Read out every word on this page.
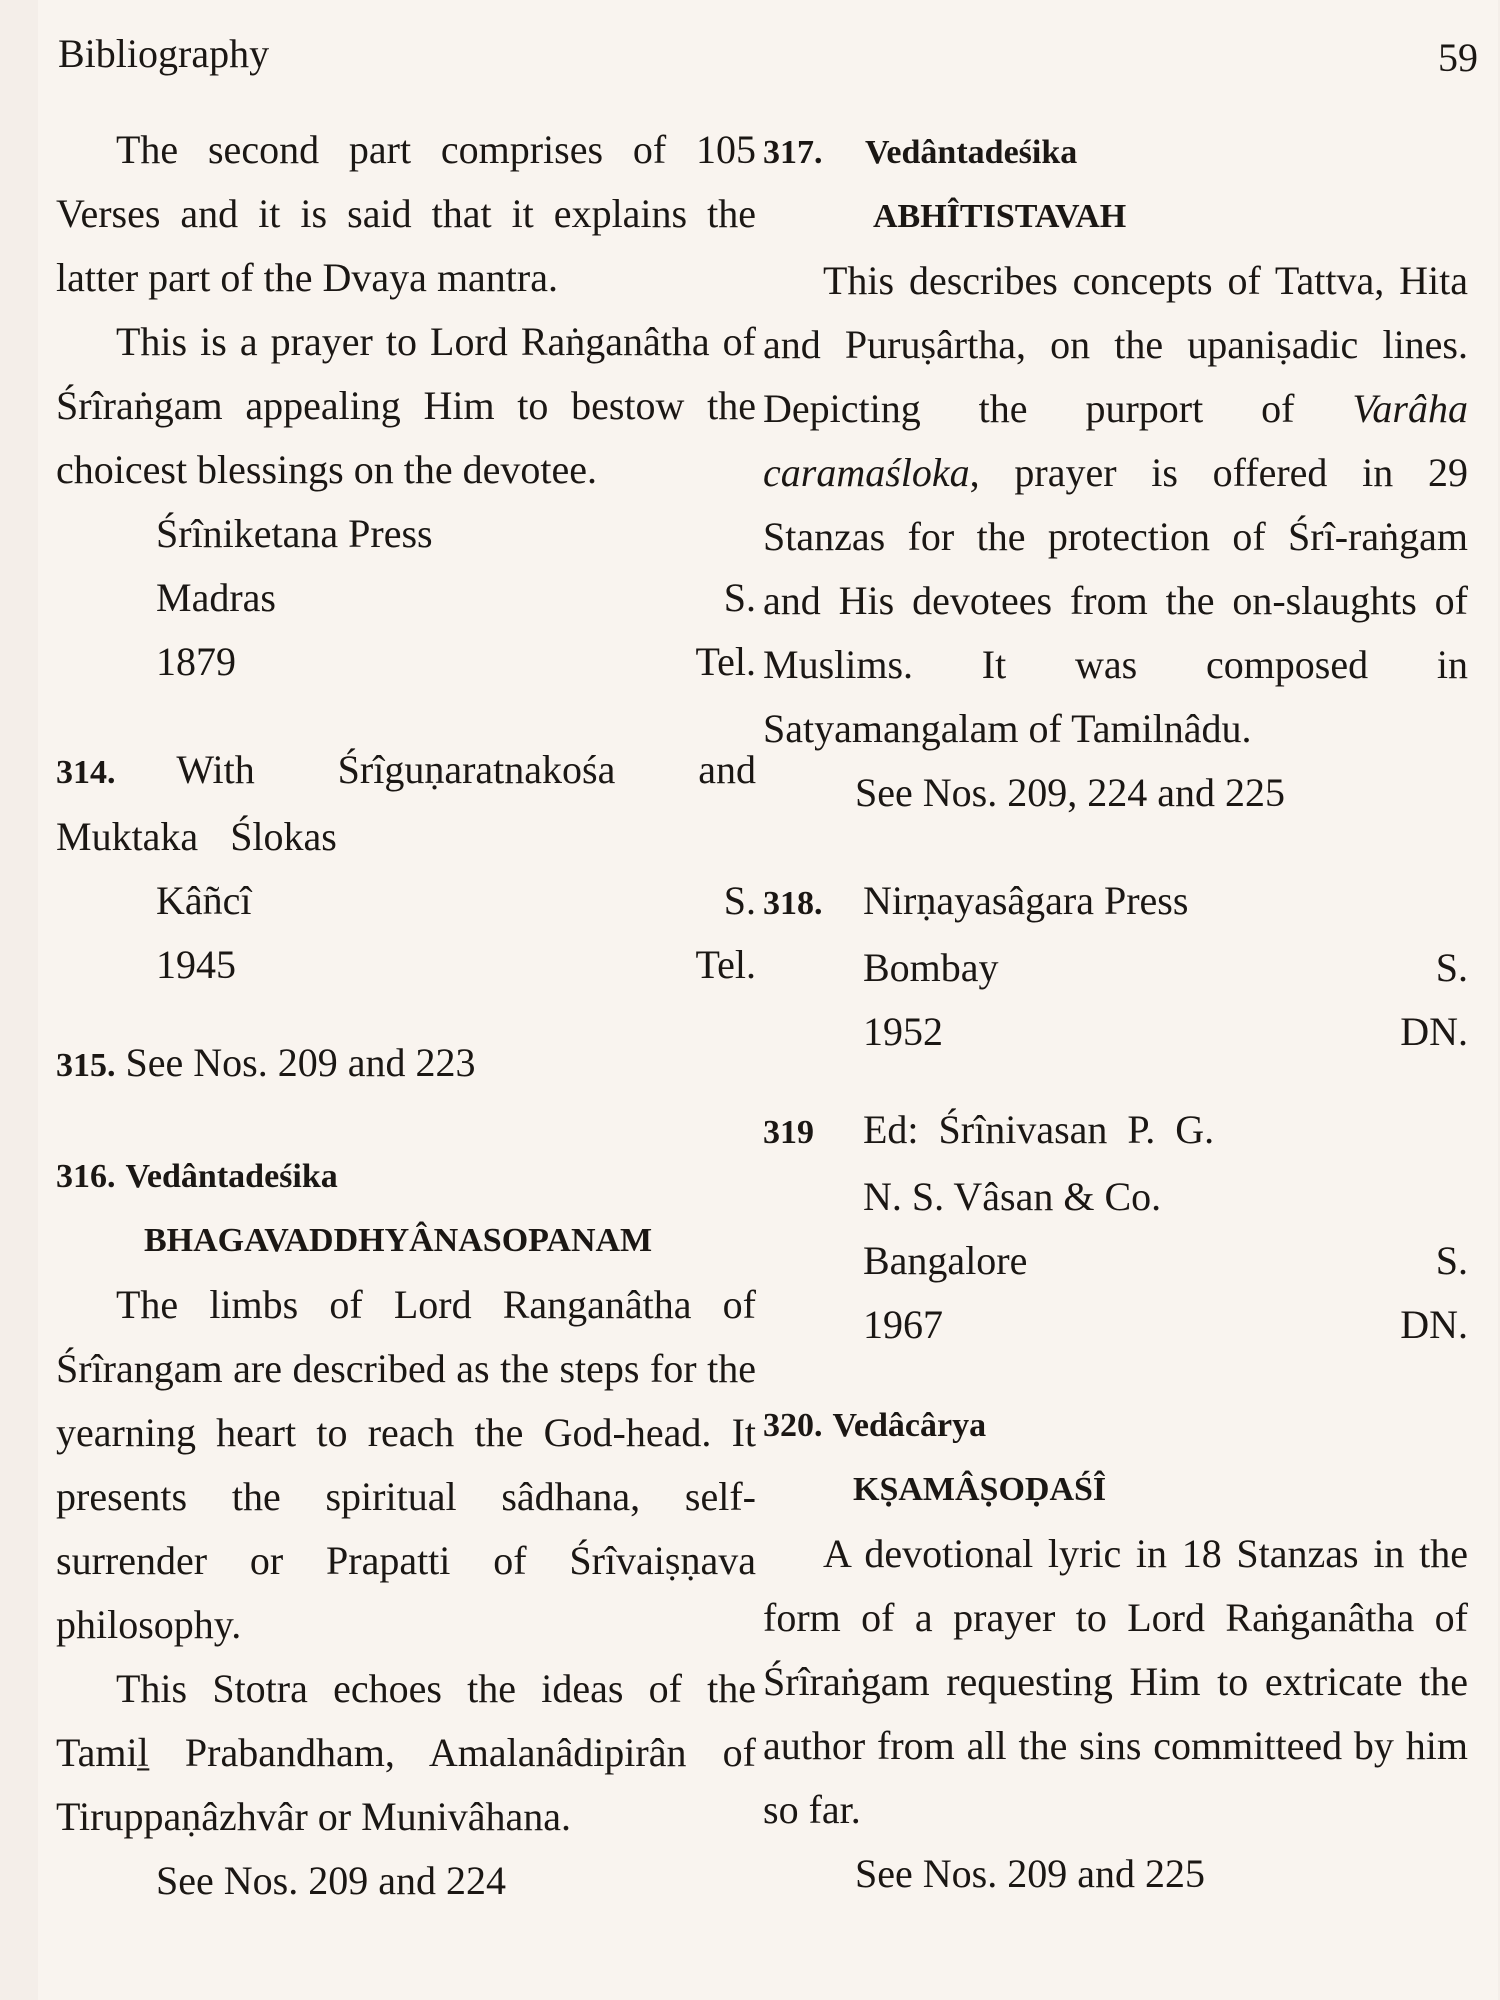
Bibliography	59

The second part comprises of 105 Verses and it is said that it explains the latter part of the Dvaya mantra.

This is a prayer to Lord Raṅganâtha of Śrîraṅgam appealing Him to bestow the choicest blessings on the devotee.

Śrîniketana Press
Madras	S.
1879	Tel.

314. With Śrîguṇaratnakośa and Muktaka Ślokas

Kâñcî	S.
1945	Tel.

315. See Nos. 209 and 223

316. Vedântadeśika

BHAGAVADDHYÂNASOPANAM

The limbs of Lord Ranganâtha of Śrîrangam are described as the steps for the yearning heart to reach the God-head. It presents the spiritual sâdhana, self-surrender or Prapatti of Śrîvaiṣṇava philosophy.

This Stotra echoes the ideas of the Tamiḻ Prabandham, Amalanâdipirân of Tiruppaṇâzhvâr or Munivâhana.

See Nos. 209 and 224

317. Vedântadeśika

ABHÎTISTAVAH

This describes concepts of Tattva, Hita and Puruṣârtha, on the upaniṣadic lines. Depicting the purport of Varâha caramaśloka, prayer is offered in 29 Stanzas for the protection of Śrî-raṅgam and His devotees from the on-slaughts of Muslims. It was composed in Satyamangalam of Tamilnâdu.

See Nos. 209, 224 and 225

318. Nirṇayasâgara Press

Bombay	S.
1952	DN.

319 Ed: Śrînivasan P. G.

N. S. Vâsan & Co.
Bangalore	S.
1967	DN.

320. Vedâcârya

KṢAMÂṢOḌAŚÎ

A devotional lyric in 18 Stanzas in the form of a prayer to Lord Raṅganâtha of Śrîraṅgam requesting Him to extricate the author from all the sins committeed by him so far.

See Nos. 209 and 225
